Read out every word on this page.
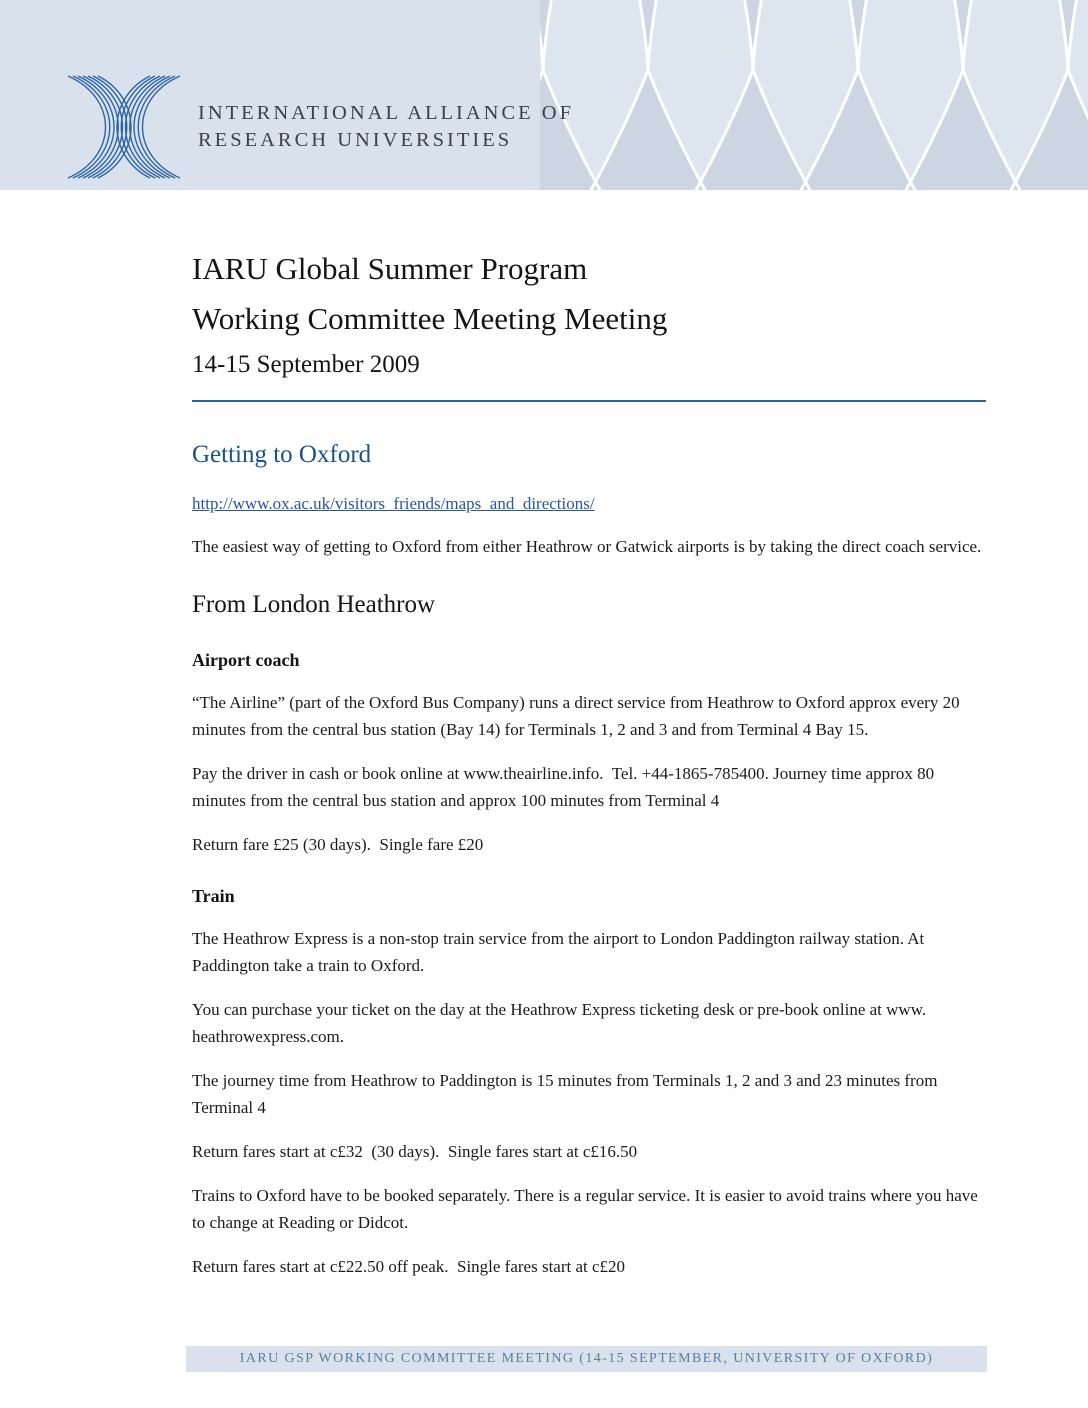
INTERNATIONAL ALLIANCE OF
RESEARCH UNIVERSITIES
IARU Global Summer Program
Working Committee Meeting Meeting
14-15 September 2009
Getting to Oxford
http://www.ox.ac.uk/visitors_friends/maps_and_directions/

The easiest way of getting to Oxford from either Heathrow or Gatwick airports is by taking the direct coach service.

From London Heathrow
Airport coach

“The Airline” (part of the Oxford Bus Company) runs a direct service from Heathrow to Oxford approx every 20 minutes from the central bus station (Bay 14) for Terminals 1, 2 and 3 and from Terminal 4 Bay 15.

Pay the driver in cash or book online at www.theairline.info.  Tel. +44-1865-785400. Journey time approx 80 minutes from the central bus station and approx 100 minutes from Terminal 4

Return fare £25 (30 days).  Single fare £20

Train

The Heathrow Express is a non-stop train service from the airport to London Paddington railway station. At Paddington take a train to Oxford.

You can purchase your ticket on the day at the Heathrow Express ticketing desk or pre-book online at www. heathrowexpress.com.

The journey time from Heathrow to Paddington is 15 minutes from Terminals 1, 2 and 3 and 23 minutes from Terminal 4

Return fares start at c£32  (30 days).  Single fares start at c£16.50

Trains to Oxford have to be booked separately. There is a regular service. It is easier to avoid trains where you have to change at Reading or Didcot.

Return fares start at c£22.50 off peak.  Single fares start at c£20

IARU GSP WORKING COMMITTEE MEETING (14-15 SEPTEMBER, UNIVERSITY OF OXFORD)
